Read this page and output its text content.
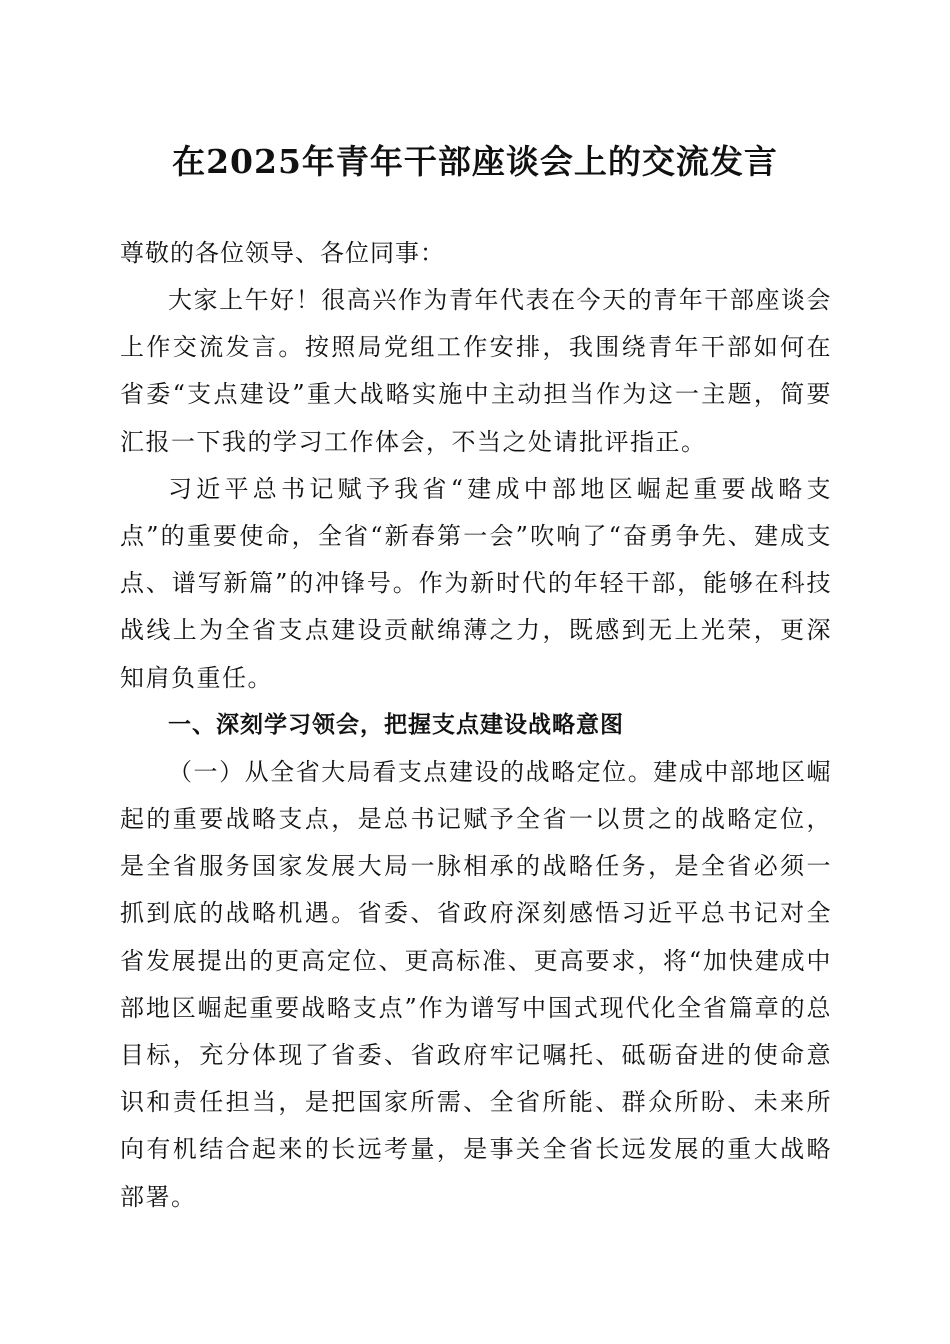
在2025年青年干部座谈会上的交流发言

尊敬的各位领导、各位同事：

大家上午好！很高兴作为青年代表在今天的青年干部座谈会上作交流发言。按照局党组工作安排，我围绕青年干部如何在省委“支点建设”重大战略实施中主动担当作为这一主题，简要汇报一下我的学习工作体会，不当之处请批评指正。

习近平总书记赋予我省“建成中部地区崛起重要战略支点”的重要使命，全省“新春第一会”吹响了“奋勇争先、建成支点、谱写新篇”的冲锋号。作为新时代的年轻干部，能够在科技战线上为全省支点建设贡献绵薄之力，既感到无上光荣，更深知肩负重任。

一、深刻学习领会，把握支点建设战略意图

（一）从全省大局看支点建设的战略定位。建成中部地区崛起的重要战略支点，是总书记赋予全省一以贯之的战略定位，是全省服务国家发展大局一脉相承的战略任务，是全省必须一抓到底的战略机遇。省委、省政府深刻感悟习近平总书记对全省发展提出的更高定位、更高标准、更高要求，将“加快建成中部地区崛起重要战略支点”作为谱写中国式现代化全省篇章的总目标，充分体现了省委、省政府牢记嘱托、砥砺奋进的使命意识和责任担当，是把国家所需、全省所能、群众所盼、未来所向有机结合起来的长远考量，是事关全省长远发展的重大战略部署。
